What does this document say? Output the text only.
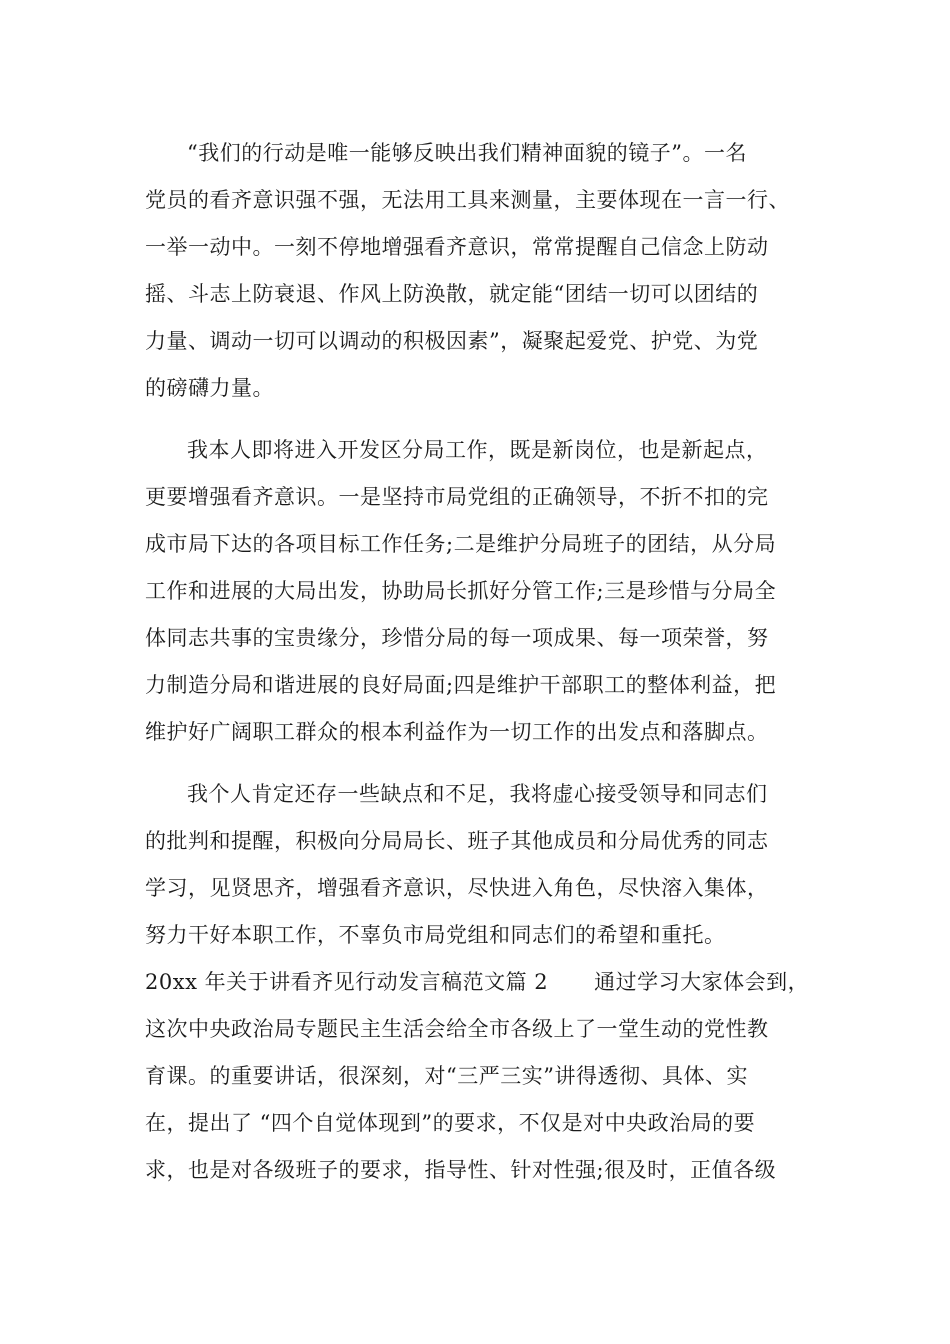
“我们的行动是唯一能够反映出我们精神面貌的镜子”。一名
党员的看齐意识强不强，无法用工具来测量，主要体现在一言一行、
一举一动中。一刻不停地增强看齐意识，常常提醒自己信念上防动
摇、斗志上防衰退、作风上防涣散，就定能“团结一切可以团结的
力量、调动一切可以调动的积极因素”，凝聚起爱党、护党、为党
的磅礴力量。
我本人即将进入开发区分局工作，既是新岗位，也是新起点，
更要增强看齐意识。一是坚持市局党组的正确领导，不折不扣的完
成市局下达的各项目标工作任务;二是维护分局班子的团结，从分局
工作和进展的大局出发，协助局长抓好分管工作;三是珍惜与分局全
体同志共事的宝贵缘分，珍惜分局的每一项成果、每一项荣誉，努
力制造分局和谐进展的良好局面;四是维护干部职工的整体利益，把
维护好广阔职工群众的根本利益作为一切工作的出发点和落脚点。
我个人肯定还存一些缺点和不足，我将虚心接受领导和同志们
的批判和提醒，积极向分局局长、班子其他成员和分局优秀的同志
学习，见贤思齐，增强看齐意识，尽快进入角色，尽快溶入集体，
努力干好本职工作，不辜负市局党组和同志们的希望和重托。
20xx 年关于讲看齐见行动发言稿范文篇 2 通过学习大家体会到，
这次中央政治局专题民主生活会给全市各级上了一堂生动的党性教
育课。的重要讲话，很深刻，对“三严三实”讲得透彻、具体、实
在，提出了 “四个自觉体现到”的要求，不仅是对中央政治局的要
求，也是对各级班子的要求，指导性、针对性强;很及时，正值各级
